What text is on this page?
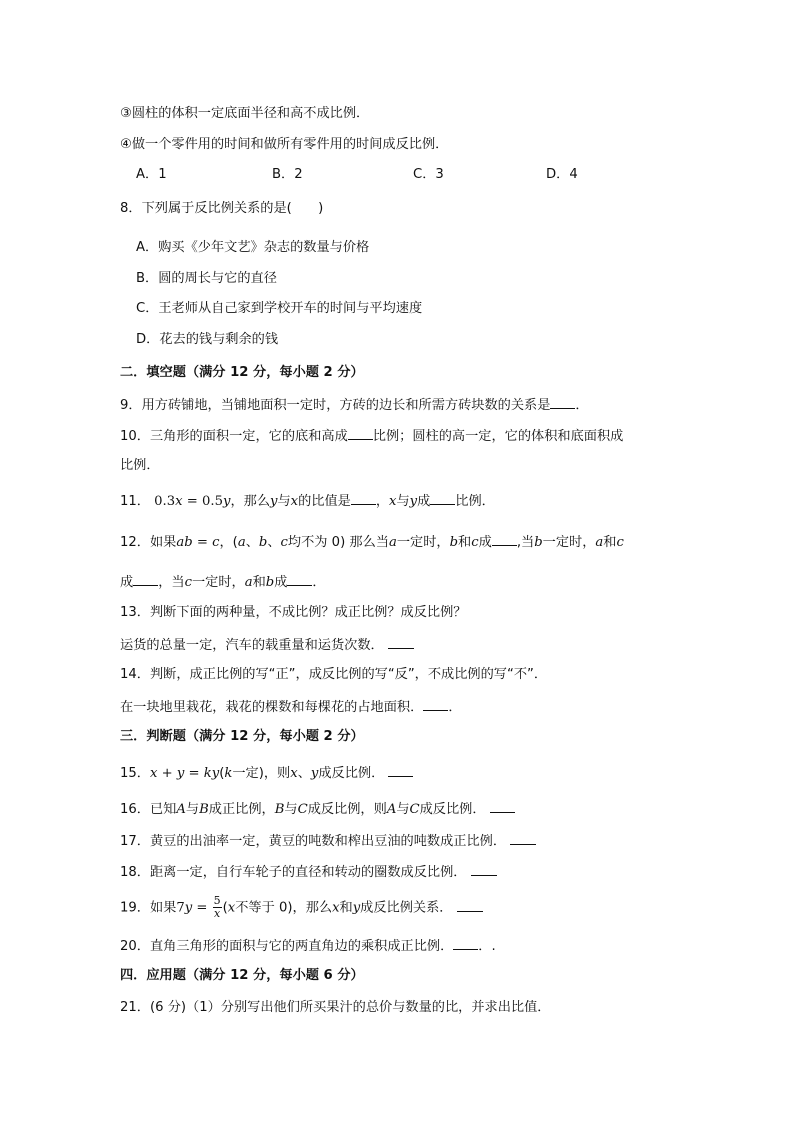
③圆柱的体积一定底面半径和高不成比例．
④做一个零件用的时间和做所有零件用的时间成反比例．
A．1	B．2	C．3	D．4
8．下列属于反比例关系的是(　　)
A．购买《少年文艺》杂志的数量与价格
B．圆的周长与它的直径
C．王老师从自己家到学校开车的时间与平均速度
D．花去的钱与剩余的钱
二．填空题（满分 12 分，每小题 2 分）
9．用方砖铺地，当铺地面积一定时，方砖的边长和所需方砖块数的关系是 ．
10．三角形的面积一定，它的底和高成 比例；圆柱的高一定，它的体积和底面积成
比例．
11． 0.3x = 0.5y，那么y与x的比值是 ，x与y成 比例．
12．如果ab = c，(a、b、c均不为 0) 那么当a一定时，b和c成 ,当b一定时，a和c
成 ，当c一定时，a和b成 ．
13．判断下面的两种量，不成比例？成正比例？成反比例？
运货的总量一定，汽车的载重量和运货次数．
14．判断，成正比例的写“正”，成反比例的写“反”，不成比例的写“不”．
在一块地里栽花，栽花的棵数和每棵花的占地面积． ．
三．判断题（满分 12 分，每小题 2 分）
15．x + y = ky(k一定)，则x、y成反比例．
16．已知A与B成正比例，B与C成反比例，则A与C成反比例．
17．黄豆的出油率一定，黄豆的吨数和榨出豆油的吨数成正比例．
18．距离一定，自行车轮子的直径和转动的圈数成反比例．
19．如果$7y = \frac{5}{x} (x$不等于 0)，那么x和y成反比例关系．
20．直角三角形的面积与它的两直角边的乘积成正比例． ．.
四．应用题（满分 12 分，每小题 6 分）
21．(6 分)（1）分别写出他们所买果汁的总价与数量的比，并求出比值．
